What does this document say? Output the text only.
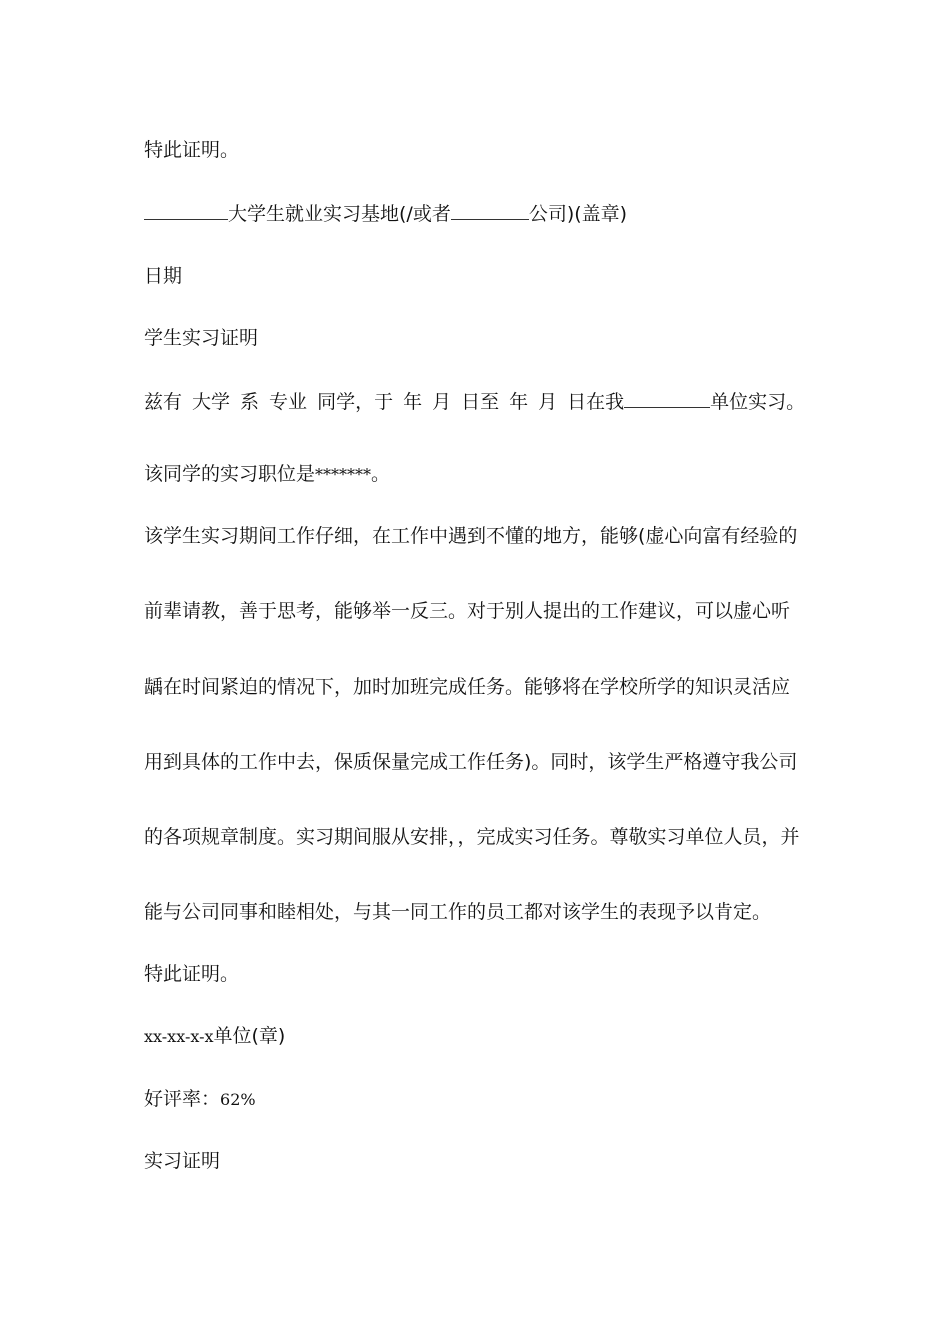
特此证明。
大学生就业实习基地(/或者	公司)(盖章)
日期
学生实习证明
兹有 大学 系 专业 同学，于 年 月 日至 年 月 日在我	单位实习。
该同学的实习职位是*******。
该学生实习期间工作仔细，在工作中遇到不懂的地方，能够(虚心向富有经验的
前辈请教，善于思考，能够举一反三。对于别人提出的工作建议，可以虚心听
龋在时间紧迫的情况下，加时加班完成任务。能够将在学校所学的知识灵活应
用到具体的工作中去，保质保量完成工作任务)。同时，该学生严格遵守我公司
的各项规章制度。实习期间服从安排，，完成实习任务。尊敬实习单位人员，并
能与公司同事和睦相处，与其一同工作的员工都对该学生的表现予以肯定。
特此证明。
xx-xx-x-x单位(章)
好评率：62%
实习证明
